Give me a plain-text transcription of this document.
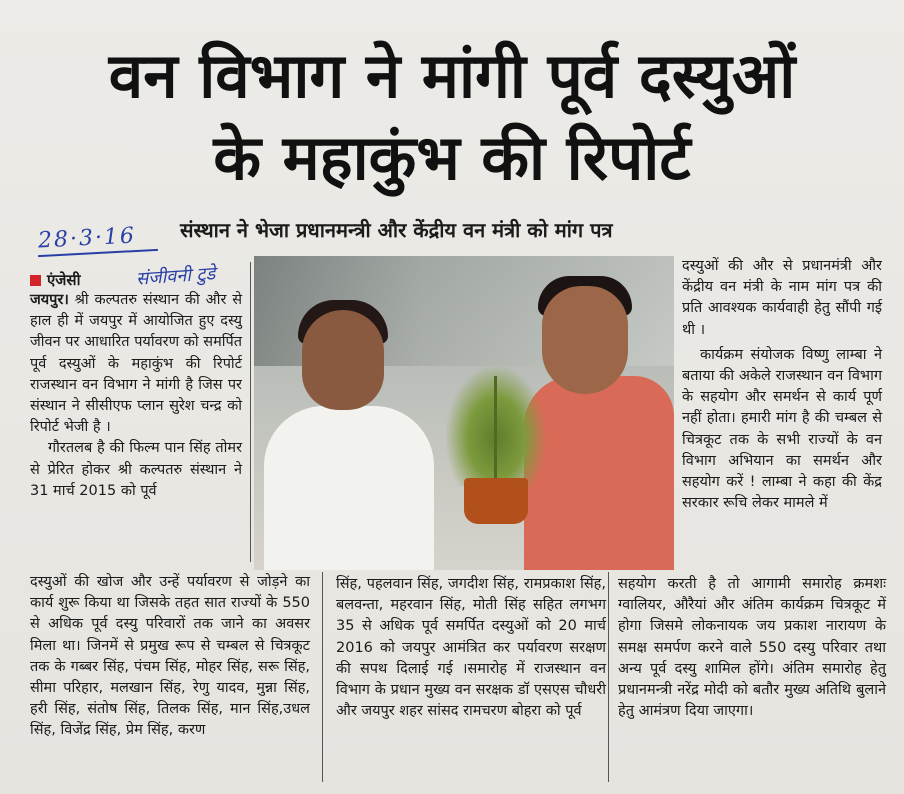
वन विभाग ने मांगी पूर्व दस्युओं
के महाकुंभ की रिपोर्ट
28·3·16 संस्थान ने भेजा प्रधानमन्त्री और केंद्रीय वन मंत्री को मांग पत्र
एंजेसी	संजीवनी टुडे

जयपुर। श्री कल्पतरु संस्थान की और से हाल ही में जयपुर में आयोजित हुए दस्यु जीवन पर आधारित पर्यावरण को समर्पित पूर्व दस्युओं के महाकुंभ की रिपोर्ट राजस्थान वन विभाग ने मांगी है जिस पर संस्थान ने सीसीएफ प्लान सुरेश चन्द्र को रिपोर्ट भेजी है ।

गौरतलब है की फिल्म पान सिंह तोमर से प्रेरित होकर श्री कल्पतरु संस्थान ने 31 मार्च 2015 को पूर्व

दस्युओं की और से प्रधानमंत्री और केंद्रीय वन मंत्री के नाम मांग पत्र की प्रति आवश्यक कार्यवाही हेतु सौंपी गई थी ।

कार्यक्रम संयोजक विष्णु लाम्बा ने बताया की अकेले राजस्थान वन विभाग के सहयोग और समर्थन से कार्य पूर्ण नहीं होता। हमारी मांग है की चम्बल से चित्रकूट तक के सभी राज्यों के वन विभाग अभियान का समर्थन और सहयोग करें ! लाम्बा ने कहा की केंद्र सरकार रूचि लेकर मामले में

दस्युओं की खोज और उन्हें पर्यावरण से जोड़ने का कार्य शुरू किया था जिसके तहत सात राज्यों के 550 से अधिक पूर्व दस्यु परिवारों तक जाने का अवसर मिला था। जिनमें से प्रमुख रूप से चम्बल से चित्रकूट तक के गब्बर सिंह, पंचम सिंह, मोहर सिंह, सरू सिंह, सीमा परिहार, मलखान सिंह, रेणु यादव, मुन्ना सिंह, हरी सिंह, संतोष सिंह, तिलक सिंह, मान सिंह,उधल सिंह, विजेंद्र सिंह, प्रेम सिंह, करण

सिंह, पहलवान सिंह, जगदीश सिंह, रामप्रकाश सिंह, बलवन्ता, महरवान सिंह, मोती सिंह सहित लगभग 35 से अधिक पूर्व समर्पित दस्युओं को 20 मार्च 2016 को जयपुर आमंत्रित कर पर्यावरण सरक्षण की सपथ दिलाई गई ।समारोह में राजस्थान वन विभाग के प्रधान मुख्य वन सरक्षक डॉ एसएस चौधरी और जयपुर शहर सांसद रामचरण बोहरा को पूर्व

सहयोग करती है तो आगामी समारोह क्रमशः ग्वालियर, औरैयां और अंतिम कार्यक्रम चित्रकूट में होगा जिसमे लोकनायक जय प्रकाश नारायण के समक्ष समर्पण करने वाले 550 दस्यु परिवार तथा अन्य पूर्व दस्यु शामिल होंगे। अंतिम समारोह हेतु प्रधानमन्त्री नरेंद्र मोदी को बतौर मुख्य अतिथि बुलाने हेतु आमंत्रण दिया जाएगा।
